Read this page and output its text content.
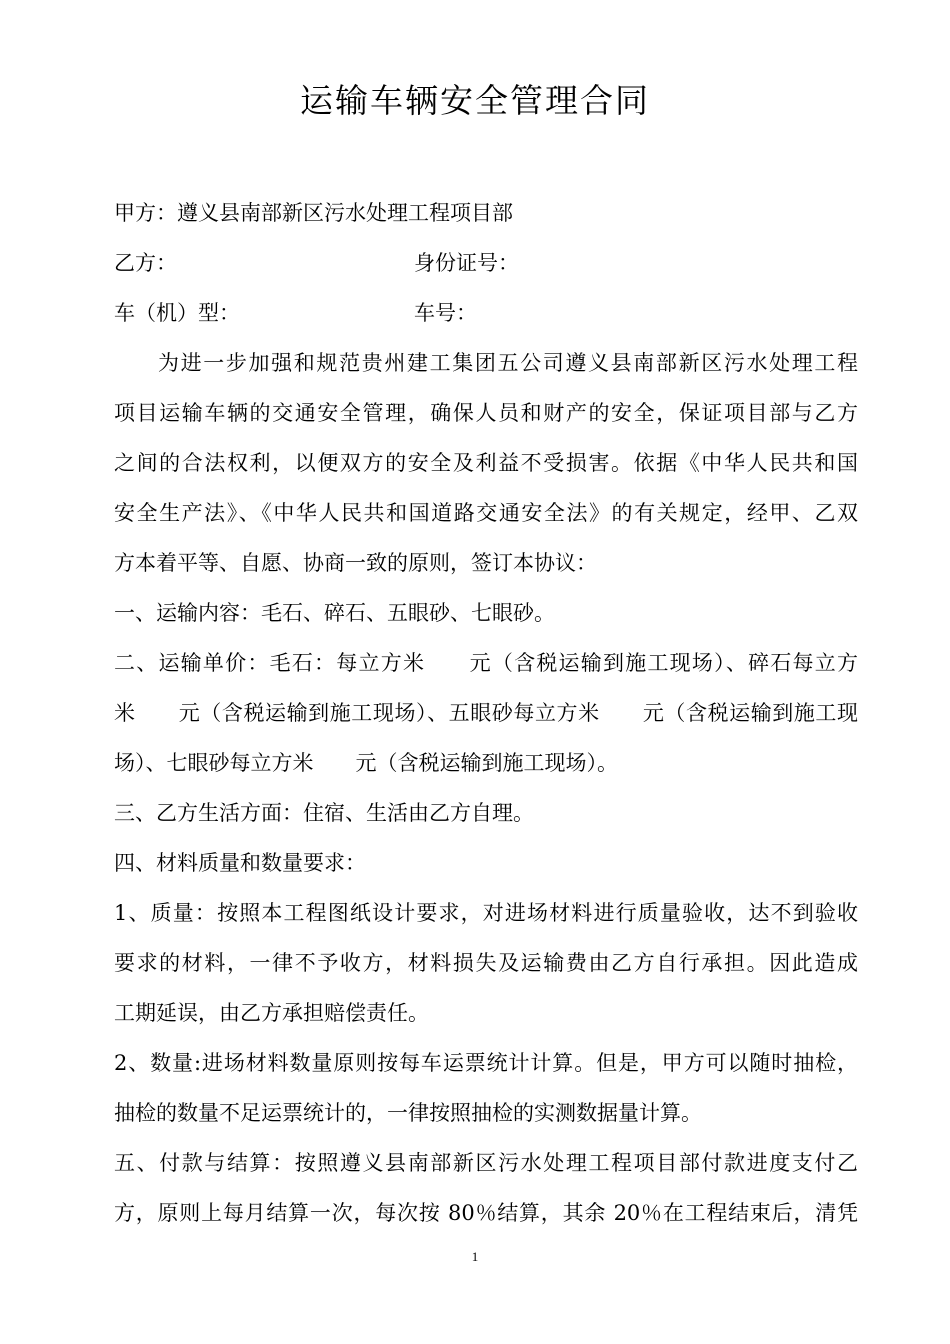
运输车辆安全管理合同
甲方：遵义县南部新区污水处理工程项目部
乙方：	身份证号：
车（机）型：	车号：
为进一步加强和规范贵州建工集团五公司遵义县南部新区污水处理工程
项目运输车辆的交通安全管理，确保人员和财产的安全，保证项目部与乙方
之间的合法权利，以便双方的安全及利益不受损害。依据《中华人民共和国
安全生产法》、《中华人民共和国道路交通安全法》的有关规定，经甲、乙双
方本着平等、自愿、协商一致的原则，签订本协议：
一、运输内容：毛石、碎石、五眼砂、七眼砂。
二、运输单价：毛石：每立方米　　元（含税运输到施工现场）、碎石每立方
米　　元（含税运输到施工现场）、五眼砂每立方米　　元（含税运输到施工现
场）、七眼砂每立方米　　元（含税运输到施工现场）。
三、乙方生活方面：住宿、生活由乙方自理。
四、材料质量和数量要求：
1、质量：按照本工程图纸设计要求，对进场材料进行质量验收，达不到验收
要求的材料，一律不予收方，材料损失及运输费由乙方自行承担。因此造成
工期延误，由乙方承担赔偿责任。
2、数量:进场材料数量原则按每车运票统计计算。但是，甲方可以随时抽检，
抽检的数量不足运票统计的，一律按照抽检的实测数据量计算。
五、付款与结算：按照遵义县南部新区污水处理工程项目部付款进度支付乙
方，原则上每月结算一次，每次按 80％结算，其余 20％在工程结束后，清凭
1
